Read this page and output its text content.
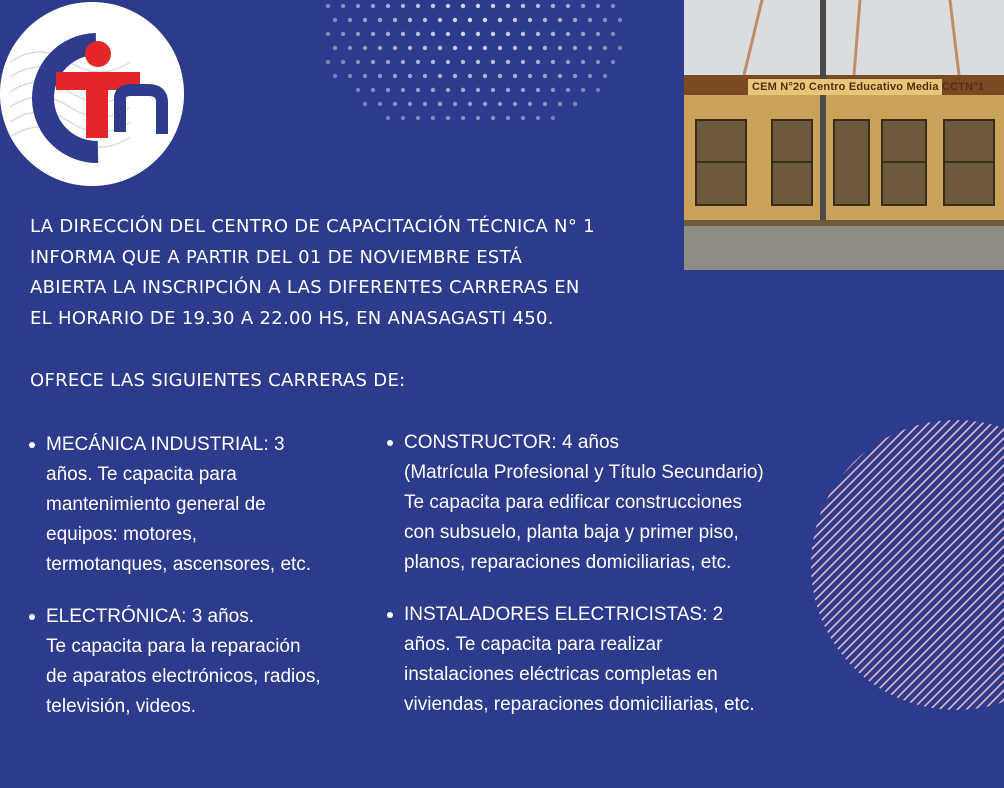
CEM N°20 Centro Educativo Media CCTN°1
LA DIRECCIÓN DEL CENTRO DE CAPACITACIÓN TÉCNICA N° 1
INFORMA QUE A PARTIR DEL 01 DE NOVIEMBRE ESTÁ
ABIERTA LA INSCRIPCIÓN A LAS DIFERENTES CARRERAS EN
EL HORARIO DE 19.30 A 22.00 HS, EN ANASAGASTI 450.
OFRECE LAS SIGUIENTES CARRERAS DE:
MECÁNICA INDUSTRIAL: 3
años. Te capacita para
mantenimiento general de
equipos: motores,
termotanques, ascensores, etc.
ELECTRÓNICA: 3 años.
Te capacita para la reparación
de aparatos electrónicos, radios,
televisión, videos.
CONSTRUCTOR: 4 años
(Matrícula Profesional y Título Secundario)
Te capacita para edificar construcciones
con subsuelo, planta baja y primer piso,
planos, reparaciones domiciliarias, etc.
INSTALADORES ELECTRICISTAS: 2
años. Te capacita para realizar
instalaciones eléctricas completas en
viviendas, reparaciones domiciliarias, etc.
